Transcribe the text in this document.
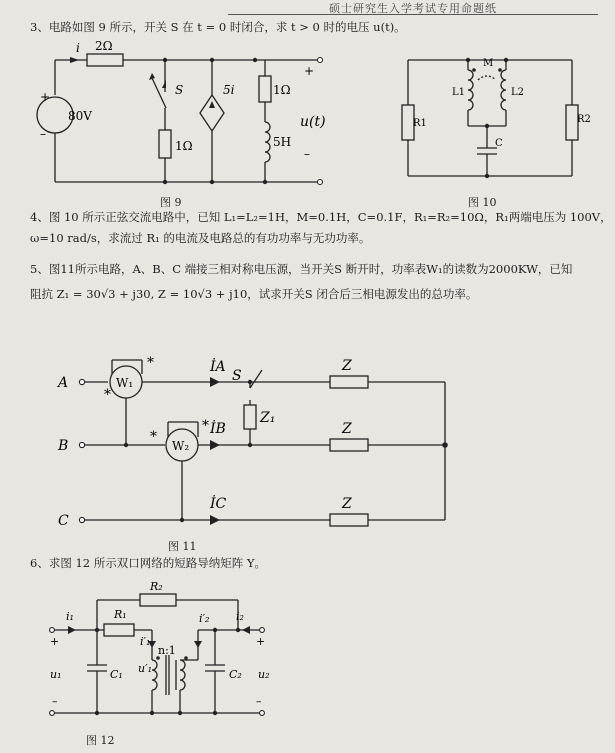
硕士研究生入学考试专用命题纸
3、电路如图 9 所示，开关 S 在 t = 0 时闭合，求 t > 0 时的电压 u(t)。
i 2Ω
+
80V
–
S
1Ω
5i	1Ω
5H
+
–
u(t)
图 9
M
L1	L2
R1	R2
C
图 10
4、图 10 所示正弦交流电路中，已知 L₁=L₂=1H，M=0.1H，C=0.1F，R₁=R₂=10Ω，R₁两端电压为 100V，
ω=10 rad/s，求流过 R₁ 的电流及电路总的有功功率与无功功率。
5、图11所示电路，A、B、C 端接三相对称电压源，当开关S 断开时，功率表W₁的读数为2000KW，已知
阻抗 Z₁ = 30√3 + j30, Z = 10√3 + j10，试求开关S 闭合后三相电源发出的总功率。
A
B
C
W₁
W₂
İA
İB
İC
S
Z₁
Z
Z
Z
*
*
*
*
图 11
6、求图 12 所示双口网络的短路导纳矩阵 Y。
i₁	R₁
R₂
i′₁
i′₂ i₂
+
u₁
–
C₁ u′₁
n:1
C₂
+
u₂
–
图 12
